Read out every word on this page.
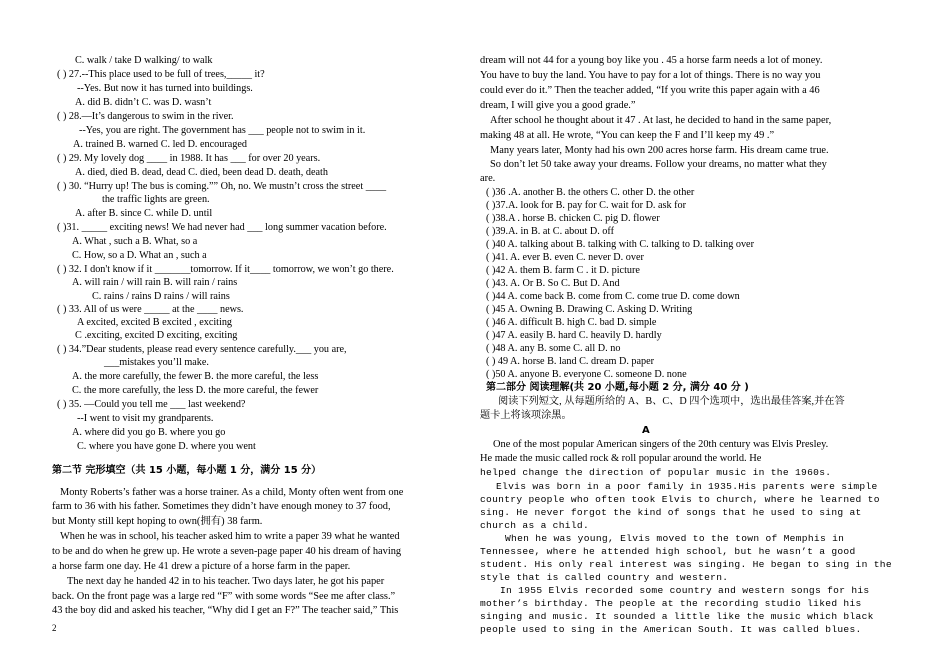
2
C. walk / take D walking/ to walk
( ) 27.--This place used to be full of trees,_____ it?
--Yes. But now it has turned into buildings.
A. did B. didn’t C. was D. wasn’t
( ) 28.—It’s dangerous to swim in the river.
--Yes, you are right. The government has ___ people not to swim in it.
A. trained B. warned C. led D. encouraged
( ) 29. My lovely dog ____ in 1988. It has ___ for over 20 years.
A. died, died B. dead, dead C. died, been dead D. death, death
( ) 30. “Hurry up! The bus is coming.”” Oh, no. We mustn’t cross the street ____
the traffic lights are green.
A. after B. since C. while D. until
( )31. _____ exciting news! We had never had ___ long summer vacation before.
A. What , such a B. What, so a
C. How, so a D. What an , such a
( ) 32. I don't know if it _______tomorrow. If it____ tomorrow, we won’t go there.
A. will rain / will rain B. will rain / rains
C. rains / rains D rains / will rains
( ) 33. All of us were _____ at the ____ news.
A excited, excited B excited , exciting
C .exciting, excited D exciting, exciting
( ) 34.”Dear students, please read every sentence carefully.___ you are,
___mistakes you’ll make.
A. the more carefully, the fewer B. the more careful, the less
C. the more carefully, the less D. the more careful, the fewer
( ) 35. —Could you tell me ___ last weekend?
--I went to visit my grandparents.
A. where did you go B. where you go
C. where you have gone D. where you went
第二节 完形填空（共 15 小题，每小题 1 分，满分 15 分）
Monty Roberts’s father was a horse trainer. As a child, Monty often went from one
farm to 36 with his father. Sometimes they didn’t have enough money to 37 food,
but Monty still kept hoping to own(拥有) 38 farm.
When he was in school, his teacher asked him to write a paper 39 what he wanted
to be and do when he grew up. He wrote a seven-page paper 40 his dream of having
a horse farm one day. He 41 drew a picture of a horse farm in the paper.
The next day he handed 42 in to his teacher. Two days later, he got his paper
back. On the front page was a large red “F” with some words “See me after class.”
43 the boy did and asked his teacher, “Why did I get an F?” The teacher said,” This
dream will not 44 for a young boy like you . 45 a horse farm needs a lot of money.
You have to buy the land. You have to pay for a lot of things. There is no way you
could ever do it.” Then the teacher added, “If you write this paper again with a 46
dream, I will give you a good grade.”
After school he thought about it 47 . At last, he decided to hand in the same paper,
making 48 at all. He wrote, “You can keep the F and I’ll keep my 49 .”
Many years later, Monty had his own 200 acres horse farm. His dream came true.
So don’t let 50 take away your dreams. Follow your dreams, no matter what they
are.
( )36 .A. another B. the others C. other D. the other
( )37.A. look for B. pay for C. wait for D. ask for
( )38.A . horse B. chicken C. pig D. flower
( )39.A. in B. at C. about D. off
( )40 A. talking about B. talking with C. talking to D. talking over
( )41. A. ever B. even C. never D. over
( )42 A. them B. farm C . it D. picture
( )43. A. Or B. So C. But D. And
( )44 A. come back B. come from C. come true D. come down
( )45 A. Owning B. Drawing C. Asking D. Writing
( )46 A. difficult B. high C. bad D. simple
( )47 A. easily B. hard C. heavily D. hardly
( )48 A. any B. some C. all D. no
( ) 49 A. horse B. land C. dream D. paper
( )50 A. anyone B. everyone C. someone D. none
第二部分 阅读理解(共 20 小题,每小题 2 分, 满分 40 分 )
阅读下列短文, 从每题所给的 A、B、C、D 四个选项中，选出最佳答案,并在答
题卡上将该项涂黑。
A
One of the most popular American singers of the 20th century was Elvis Presley.
He made the music called rock & roll popular around the world. He
helped change the direction of popular music in the 1960s.
Elvis was born in a poor family in 1935.His parents were simple
country people who often took Elvis to church, where he learned to
sing. He never forgot the kind of songs that he used to sing at
church as a child.
When he was young, Elvis moved to the town of Memphis in
Tennessee, where he attended high school, but he wasn’t a good
student. His only real interest was singing. He began to sing in the
style that is called country and western.
In 1955 Elvis recorded some country and western songs for his
mother’s birthday. The people at the recording studio liked his
singing and music. It sounded a little like the music which black
people used to sing in the American South. It was called blues.
